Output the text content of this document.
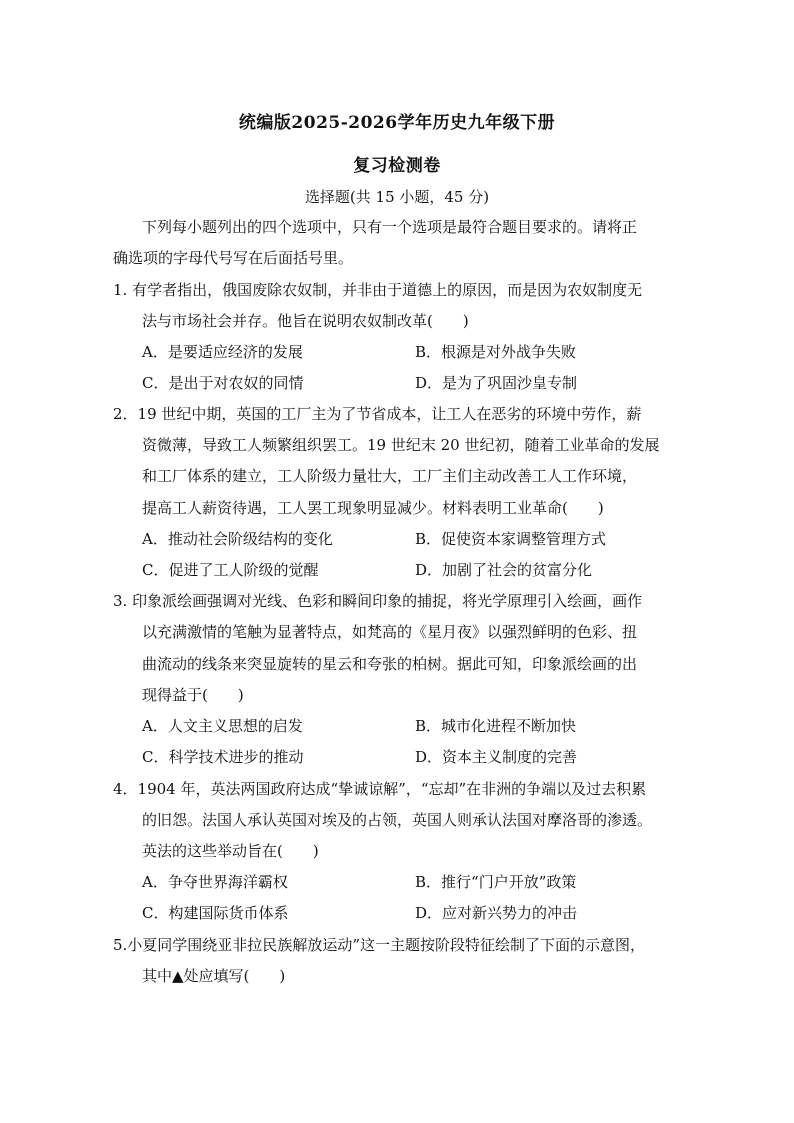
统编版2025-2026学年历史九年级下册
复习检测卷
选择题(共 15 小题，45 分)
下列每小题列出的四个选项中，只有一个选项是最符合题目要求的。请将正
确选项的字母代号写在后面括号里。
1. 有学者指出，俄国废除农奴制，并非由于道德上的原因，而是因为农奴制度无
法与市场社会并存。他旨在说明农奴制改革(　　)
A．是要适应经济的发展	B．根源是对外战争失败
C．是出于对农奴的同情	D．是为了巩固沙皇专制
2．19 世纪中期，英国的工厂主为了节省成本，让工人在恶劣的环境中劳作，薪
资微薄，导致工人频繁组织罢工。19 世纪末 20 世纪初，随着工业革命的发展
和工厂体系的建立，工人阶级力量壮大，工厂主们主动改善工人工作环境，
提高工人薪资待遇，工人罢工现象明显减少。材料表明工业革命(　　)
A．推动社会阶级结构的变化	B．促使资本家调整管理方式
C．促进了工人阶级的觉醒	D．加剧了社会的贫富分化
3. 印象派绘画强调对光线、色彩和瞬间印象的捕捉，将光学原理引入绘画，画作
以充满激情的笔触为显著特点，如梵高的《星月夜》以强烈鲜明的色彩、扭
曲流动的线条来突显旋转的星云和夸张的柏树。据此可知，印象派绘画的出
现得益于(　　)
A．人文主义思想的启发	B．城市化进程不断加快
C．科学技术进步的推动	D．资本主义制度的完善
4．1904 年，英法两国政府达成“挚诚谅解”，“忘却”在非洲的争端以及过去积累
的旧怨。法国人承认英国对埃及的占领，英国人则承认法国对摩洛哥的渗透。
英法的这些举动旨在(　　)
A．争夺世界海洋霸权	B．推行“门户开放”政策
C．构建国际货币体系	D．应对新兴势力的冲击
5.小夏同学围绕亚非拉民族解放运动”这一主题按阶段特征绘制了下面的示意图，
其中▲处应填写(　　)
